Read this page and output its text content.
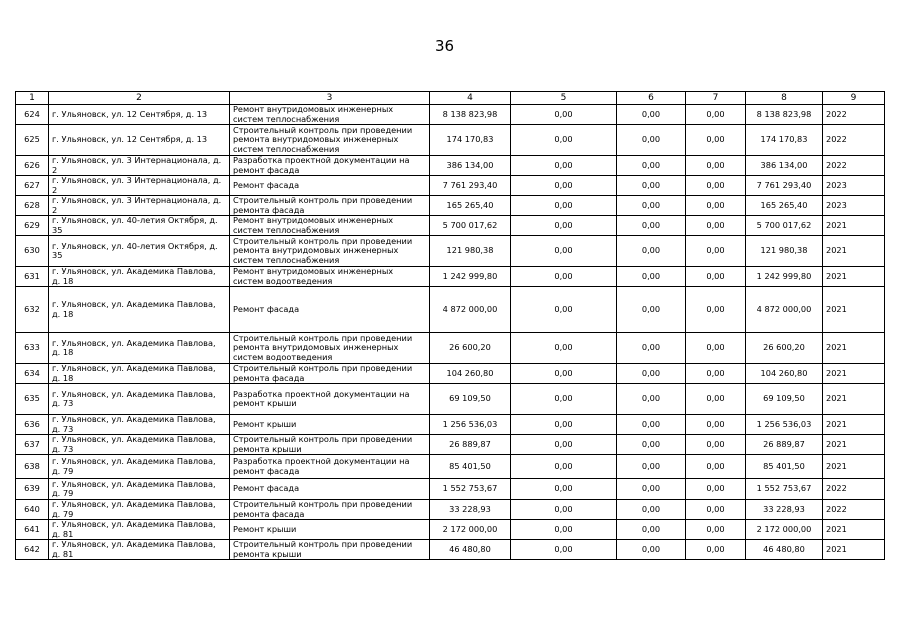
36
1	2	3	4	5	6	7	8	9
624	г. Ульяновск, ул. 12 Сентября, д. 13	Ремонт внутридомовых инженерных систем теплоснабжения	8 138 823,98	0,00	0,00	0,00	8 138 823,98	2022
625	г. Ульяновск, ул. 12 Сентября, д. 13	Строительный контроль при проведении ремонта внутридомовых инженерных систем теплоснабжения	174 170,83	0,00	0,00	0,00	174 170,83	2022
626	г. Ульяновск, ул. 3 Интернационала, д. 2	Разработка проектной документации на ремонт фасада	386 134,00	0,00	0,00	0,00	386 134,00	2022
627	г. Ульяновск, ул. 3 Интернационала, д. 2	Ремонт фасада	7 761 293,40	0,00	0,00	0,00	7 761 293,40	2023
628	г. Ульяновск, ул. 3 Интернационала, д. 2	Строительный контроль при проведении ремонта фасада	165 265,40	0,00	0,00	0,00	165 265,40	2023
629	г. Ульяновск, ул. 40-летия Октября, д. 35	Ремонт внутридомовых инженерных систем теплоснабжения	5 700 017,62	0,00	0,00	0,00	5 700 017,62	2021
630	г. Ульяновск, ул. 40-летия Октября, д. 35	Строительный контроль при проведении ремонта внутридомовых инженерных систем теплоснабжения	121 980,38	0,00	0,00	0,00	121 980,38	2021
631	г. Ульяновск, ул. Академика Павлова, д. 18	Ремонт внутридомовых инженерных систем водоотведения	1 242 999,80	0,00	0,00	0,00	1 242 999,80	2021
632	г. Ульяновск, ул. Академика Павлова, д. 18	Ремонт фасада	4 872 000,00	0,00	0,00	0,00	4 872 000,00	2021
633	г. Ульяновск, ул. Академика Павлова, д. 18	Строительный контроль при проведении ремонта внутридомовых инженерных систем водоотведения	26 600,20	0,00	0,00	0,00	26 600,20	2021
634	г. Ульяновск, ул. Академика Павлова, д. 18	Строительный контроль при проведении ремонта фасада	104 260,80	0,00	0,00	0,00	104 260,80	2021
635	г. Ульяновск, ул. Академика Павлова, д. 73	Разработка проектной документации на ремонт крыши	69 109,50	0,00	0,00	0,00	69 109,50	2021
636	г. Ульяновск, ул. Академика Павлова, д. 73	Ремонт крыши	1 256 536,03	0,00	0,00	0,00	1 256 536,03	2021
637	г. Ульяновск, ул. Академика Павлова, д. 73	Строительный контроль при проведении ремонта крыши	26 889,87	0,00	0,00	0,00	26 889,87	2021
638	г. Ульяновск, ул. Академика Павлова, д. 79	Разработка проектной документации на ремонт фасада	85 401,50	0,00	0,00	0,00	85 401,50	2021
639	г. Ульяновск, ул. Академика Павлова, д. 79	Ремонт фасада	1 552 753,67	0,00	0,00	0,00	1 552 753,67	2022
640	г. Ульяновск, ул. Академика Павлова, д. 79	Строительный контроль при проведении ремонта фасада	33 228,93	0,00	0,00	0,00	33 228,93	2022
641	г. Ульяновск, ул. Академика Павлова, д. 81	Ремонт крыши	2 172 000,00	0,00	0,00	0,00	2 172 000,00	2021
642	г. Ульяновск, ул. Академика Павлова, д. 81	Строительный контроль при проведении ремонта крыши	46 480,80	0,00	0,00	0,00	46 480,80	2021
